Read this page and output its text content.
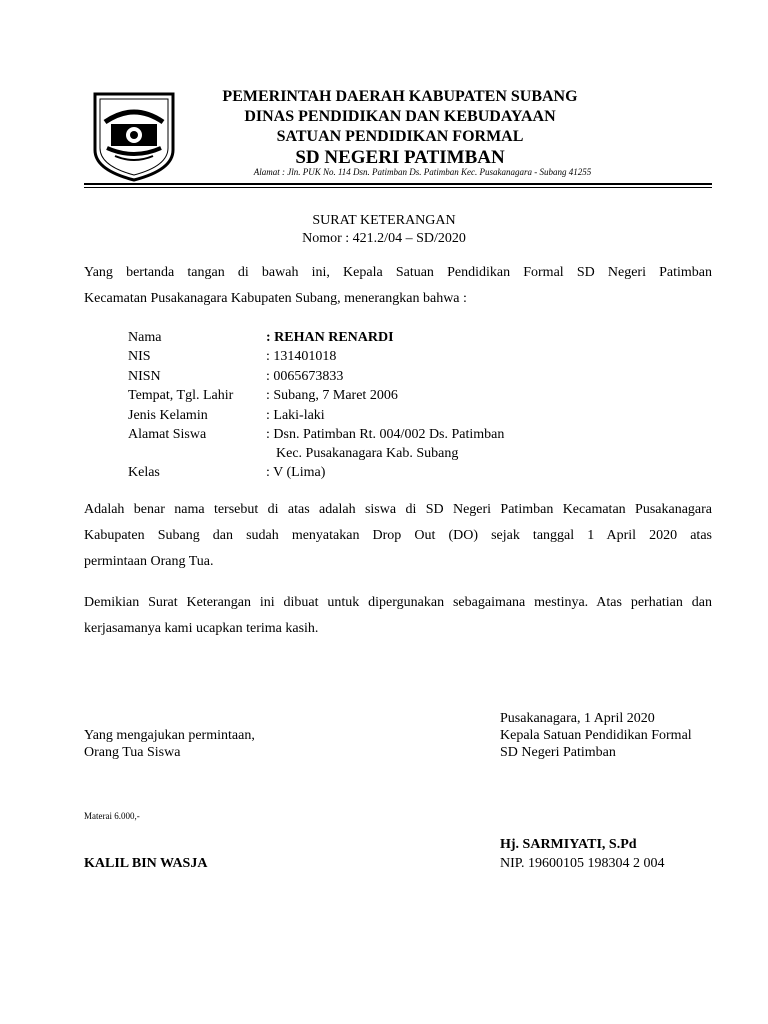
PEMERINTAH DAERAH KABUPATEN SUBANG
DINAS PENDIDIKAN DAN KEBUDAYAAN
SATUAN PENDIDIKAN FORMAL
SD NEGERI PATIMBAN
Alamat : Jln. PUK No. 114 Dsn. Patimban Ds. Patimban Kec. Pusakanagara - Subang 41255
SURAT KETERANGAN
Nomor : 421.2/04 – SD/2020
Yang bertanda tangan di bawah ini, Kepala Satuan Pendidikan Formal SD Negeri Patimban
Kecamatan Pusakanagara Kabupaten Subang, menerangkan bahwa :
Nama	: REHAN RENARDI
NIS	: 131401018
NISN	: 0065673833
Tempat, Tgl. Lahir : Subang, 7 Maret 2006
Jenis Kelamin	: Laki-laki
Alamat Siswa	: Dsn. Patimban Rt. 004/002 Ds. Patimban
Kec. Pusakanagara Kab. Subang
Kelas	: V (Lima)
Adalah benar nama tersebut di atas adalah siswa di SD Negeri Patimban Kecamatan Pusakanagara
Kabupaten Subang dan sudah menyatakan Drop Out (DO) sejak tanggal 1 April 2020 atas
permintaan Orang Tua.
Demikian Surat Keterangan ini dibuat untuk dipergunakan sebagaimana mestinya. Atas perhatian dan
kerjasamanya kami ucapkan terima kasih.
Pusakanagara, 1 April 2020
Yang mengajukan permintaan,
Orang Tua Siswa
Kepala Satuan Pendidikan Formal
SD Negeri Patimban
Materai 6.000,-
Hj. SARMIYATI, S.Pd
KALIL BIN WASJA	NIP. 19600105 198304 2 004
